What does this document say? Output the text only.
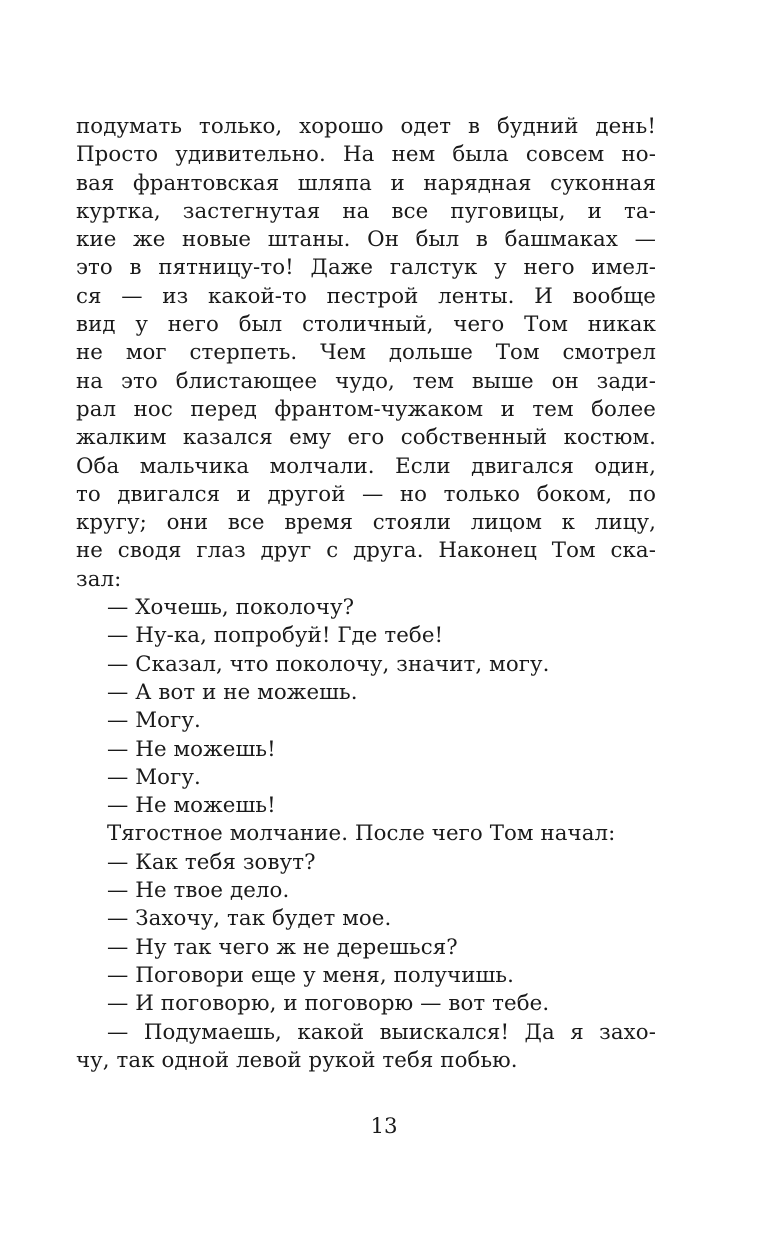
подумать только, хорошо одет в будний день!
Просто удивительно. На нем была совсем но-
вая франтовская шляпа и нарядная суконная
куртка, застегнутая на все пуговицы, и та-
кие же новые штаны. Он был в башмаках —
это в пятницу-то! Даже галстук у него имел-
ся — из какой-то пестрой ленты. И вообще
вид у него был столичный, чего Том никак
не мог стерпеть. Чем дольше Том смотрел
на это блистающее чудо, тем выше он зади-
рал нос перед франтом-чужаком и тем более
жалким казался ему его собственный костюм.
Оба мальчика молчали. Если двигался один,
то двигался и другой — но только боком, по
кругу; они все время стояли лицом к лицу,
не сводя глаз друг с друга. Наконец Том ска-
зал:
— Хочешь, поколочу?
— Ну-ка, попробуй! Где тебе!
— Сказал, что поколочу, значит, могу.
— А вот и не можешь.
— Могу.
— Не можешь!
— Могу.
— Не можешь!
Тягостное молчание. После чего Том начал:
— Как тебя зовут?
— Не твое дело.
— Захочу, так будет мое.
— Ну так чего ж не дерешься?
— Поговори еще у меня, получишь.
— И поговорю, и поговорю — вот тебе.
— Подумаешь, какой выискался! Да я захо-
чу, так одной левой рукой тебя побью.
13
